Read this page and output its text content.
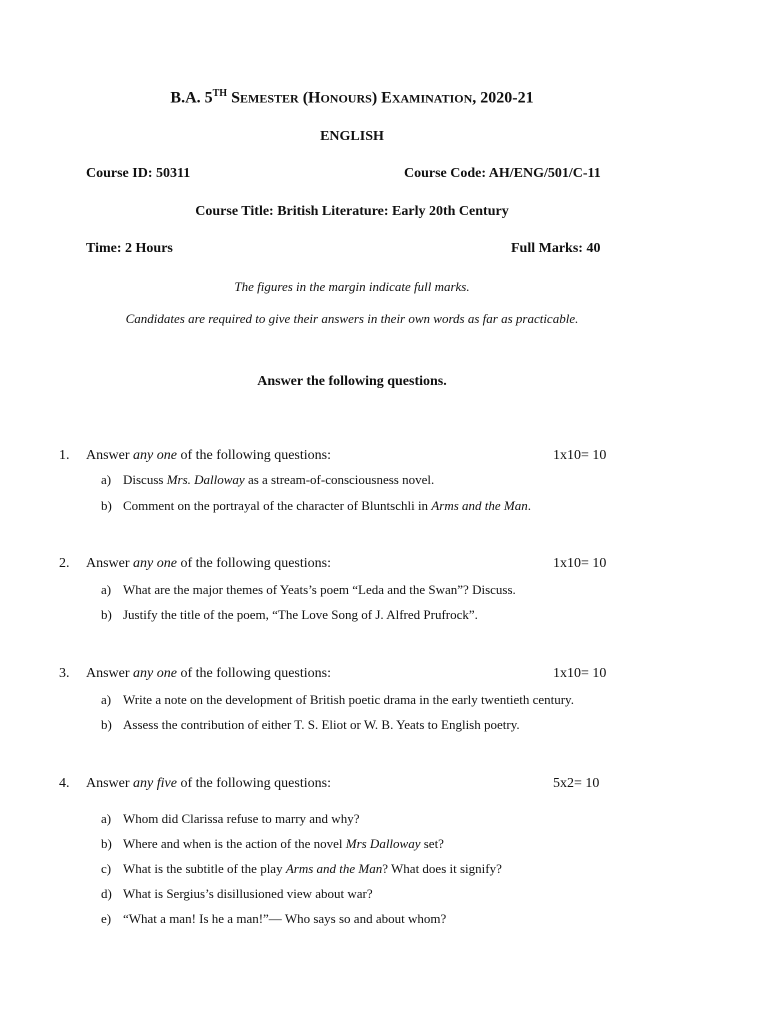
B.A. 5TH SEMESTER (HONOURS) EXAMINATION, 2020-21
ENGLISH
Course ID: 50311	Course Code: AH/ENG/501/C-11
Course Title: British Literature: Early 20th Century
Time: 2 Hours	Full Marks: 40
The figures in the margin indicate full marks.
Candidates are required to give their answers in their own words as far as practicable.
Answer the following questions.
1. Answer any one of the following questions:	1x10= 10
a) Discuss Mrs. Dalloway as a stream-of-consciousness novel.
b) Comment on the portrayal of the character of Bluntschli in Arms and the Man.
2. Answer any one of the following questions:	1x10= 10
a) What are the major themes of Yeats’s poem “Leda and the Swan”? Discuss.
b) Justify the title of the poem, “The Love Song of J. Alfred Prufrock”.
3. Answer any one of the following questions:	1x10= 10
a) Write a note on the development of British poetic drama in the early twentieth century.
b) Assess the contribution of either T. S. Eliot or W. B. Yeats to English poetry.
4. Answer any five of the following questions:	5x2= 10
a) Whom did Clarissa refuse to marry and why?
b) Where and when is the action of the novel Mrs Dalloway set?
c) What is the subtitle of the play Arms and the Man? What does it signify?
d) What is Sergius’s disillusioned view about war?
e) “What a man! Is he a man!”— Who says so and about whom?
